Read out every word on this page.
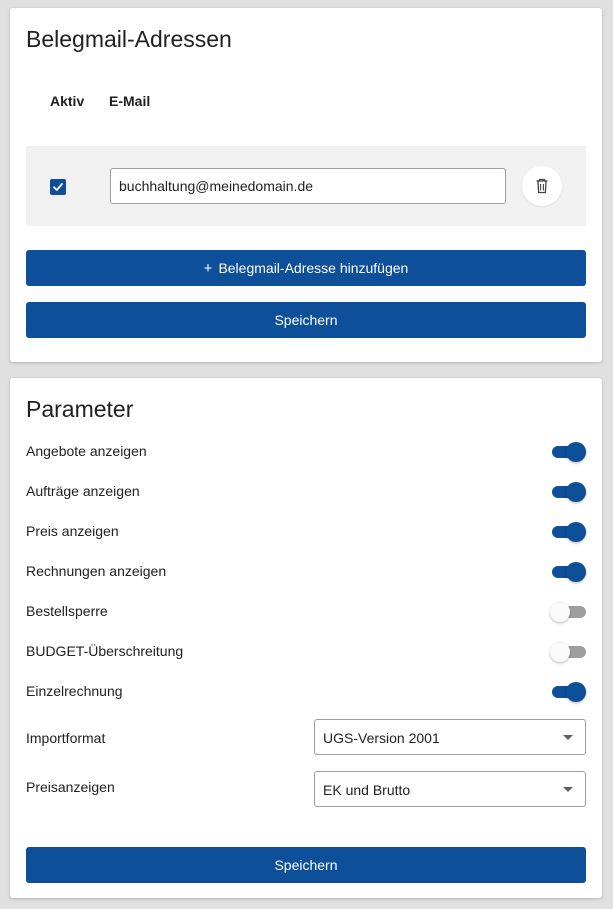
Belegmail-Adressen
Aktiv E-Mail
buchhaltung@meinedomain.de
+ Belegmail-Adresse hinzufügen
Speichern
Parameter
Angebote anzeigen
Aufträge anzeigen
Preis anzeigen
Rechnungen anzeigen
Bestellsperre
BUDGET-Überschreitung
Einzelrechnung
Importformat	UGS-Version 2001
Preisanzeigen	EK und Brutto
Speichern
